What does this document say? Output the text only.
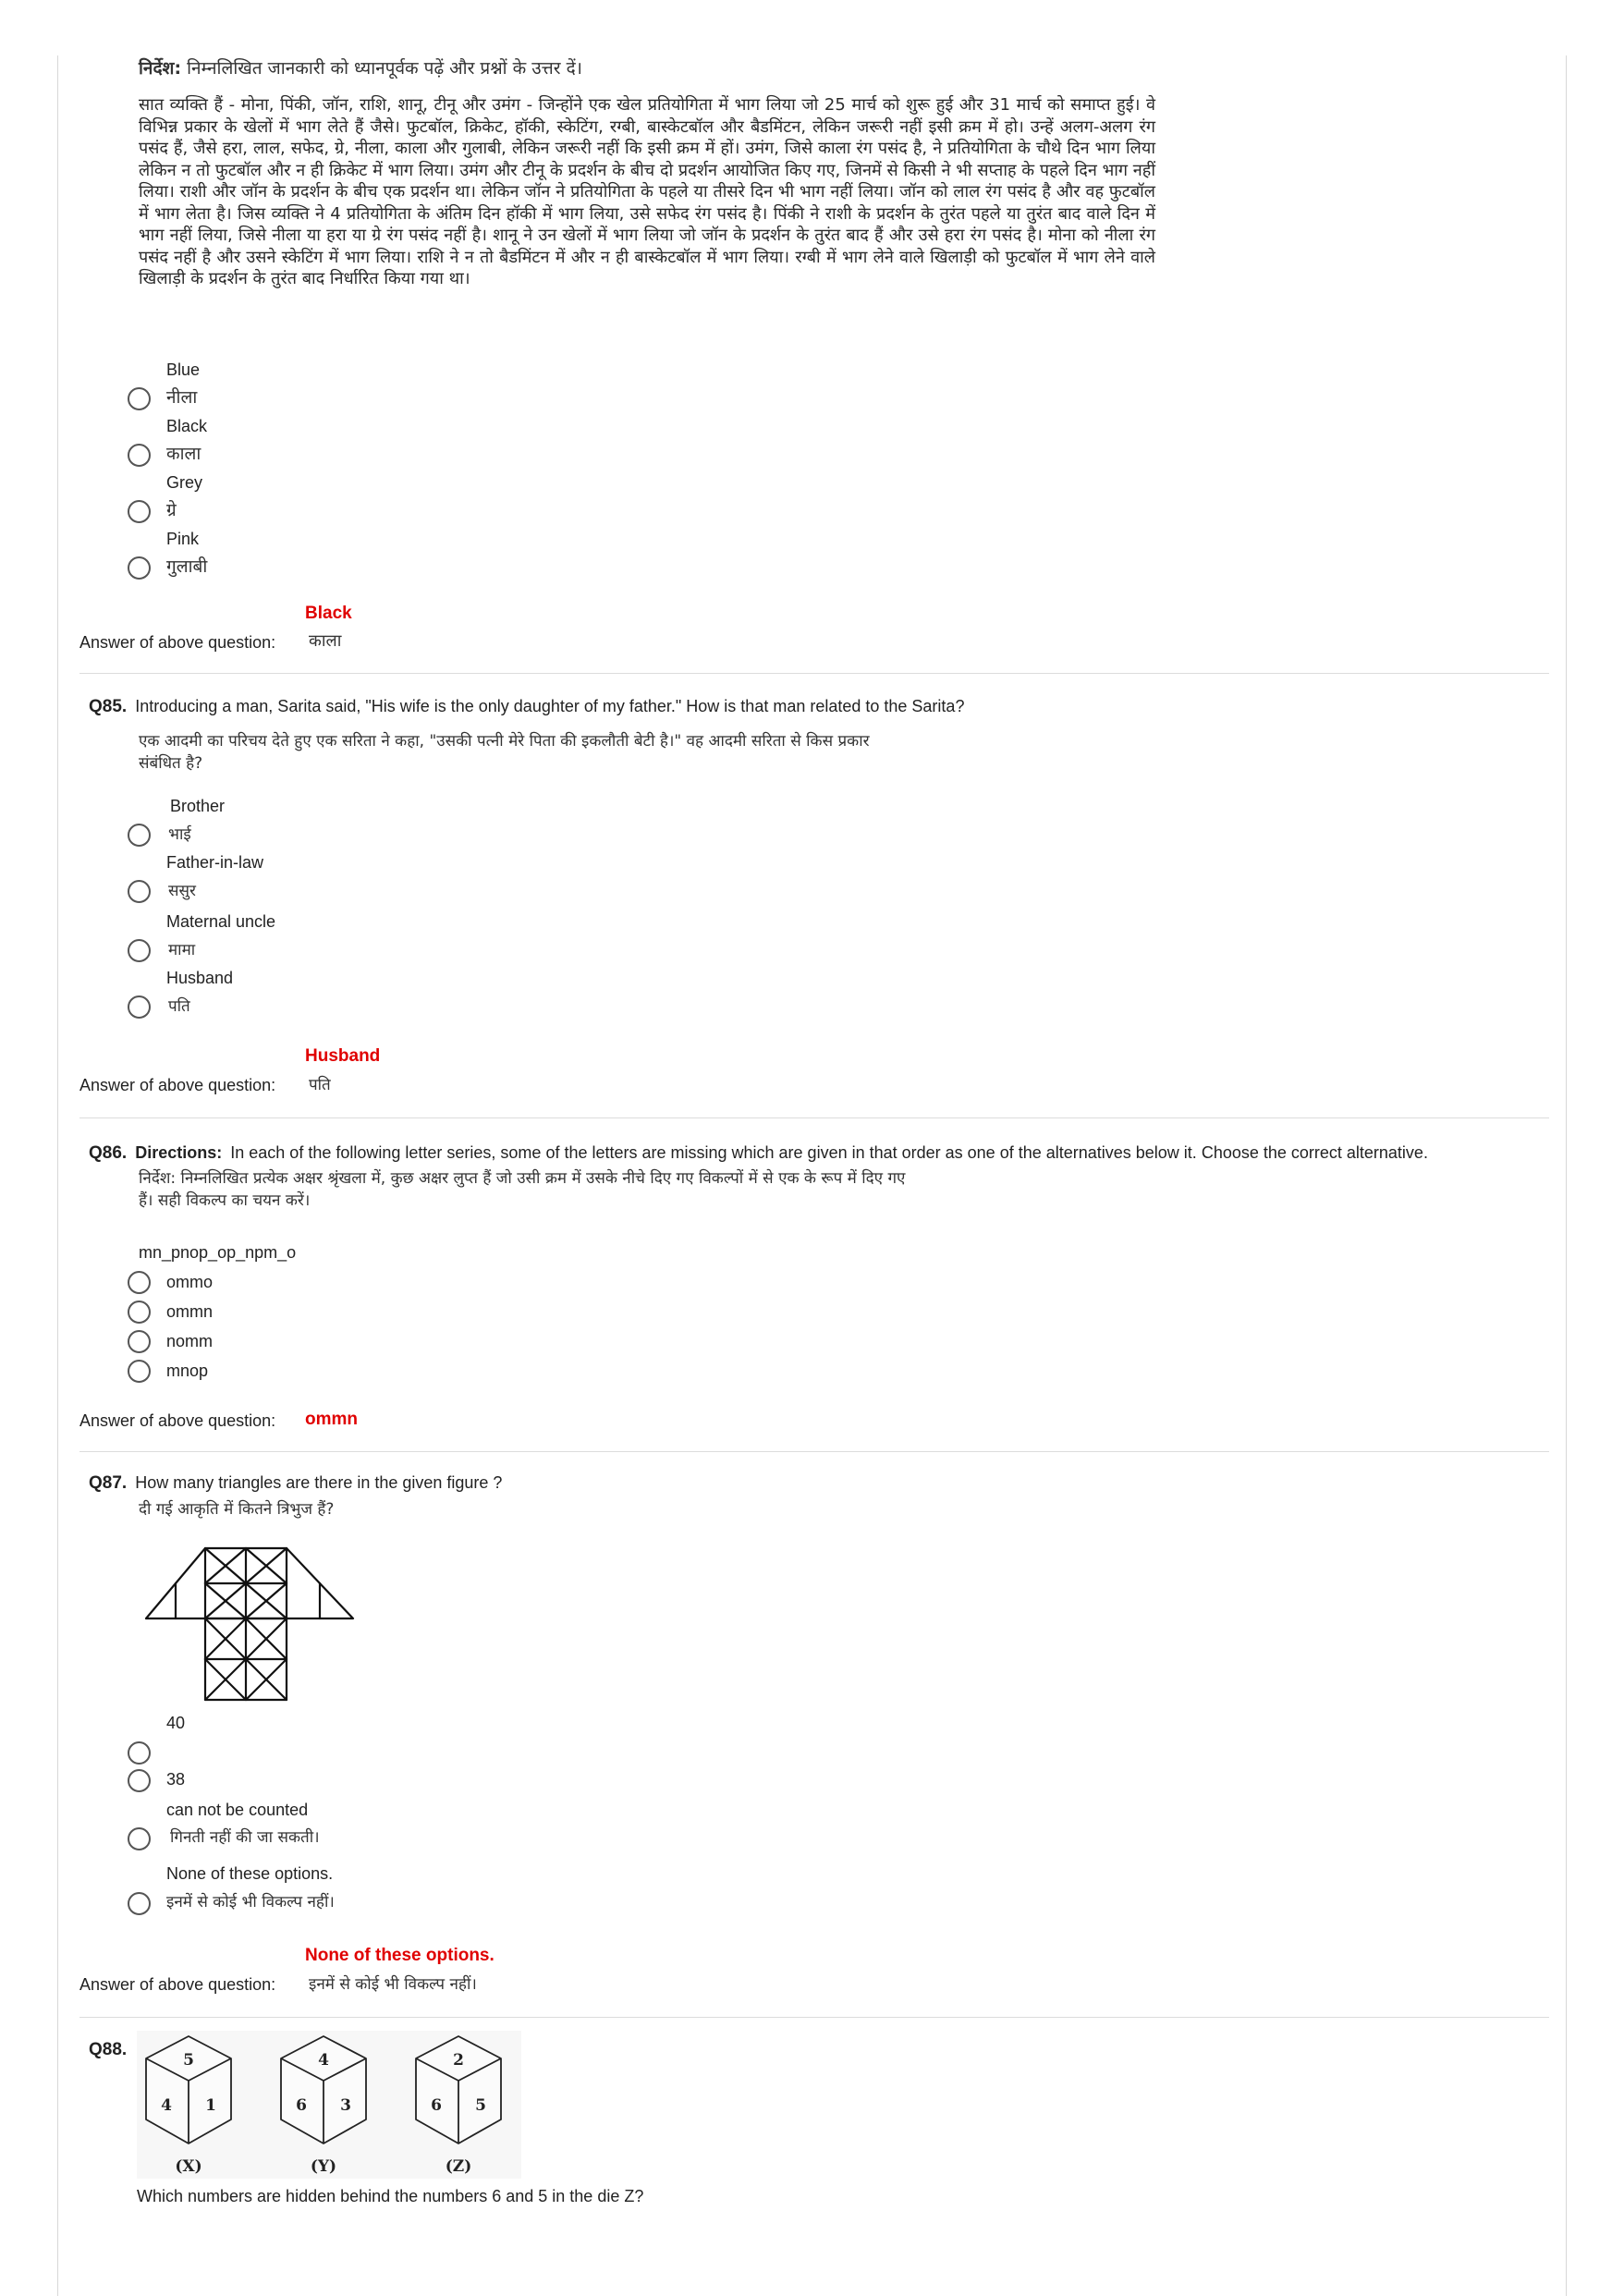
निर्देश: निम्नलिखित जानकारी को ध्यानपूर्वक पढ़ें और प्रश्नों के उत्तर दें।
सात व्यक्ति हैं - मोना, पिंकी, जॉन, राशि, शानू, टीनू और उमंग - जिन्होंने एक खेल प्रतियोगिता में भाग लिया जो 25 मार्च को शुरू हुई और 31 मार्च को समाप्त हुई। वे विभिन्न प्रकार के खेलों में भाग लेते हैं जैसे। फुटबॉल, क्रिकेट, हॉकी, स्केटिंग, रग्बी, बास्केटबॉल और बैडमिंटन, लेकिन जरूरी नहीं इसी क्रम में हो। उन्हें अलग-अलग रंग पसंद हैं, जैसे हरा, लाल, सफेद, ग्रे, नीला, काला और गुलाबी, लेकिन जरूरी नहीं कि इसी क्रम में हों। उमंग, जिसे काला रंग पसंद है, ने प्रतियोगिता के चौथे दिन भाग लिया लेकिन न तो फुटबॉल और न ही क्रिकेट में भाग लिया। उमंग और टीनू के प्रदर्शन के बीच दो प्रदर्शन आयोजित किए गए, जिनमें से किसी ने भी सप्ताह के पहले दिन भाग नहीं लिया। राशी और जॉन के प्रदर्शन के बीच एक प्रदर्शन था। लेकिन जॉन ने प्रतियोगिता के पहले या तीसरे दिन भी भाग नहीं लिया। जॉन को लाल रंग पसंद है और वह फुटबॉल में भाग लेता है। जिस व्यक्ति ने 4 प्रतियोगिता के अंतिम दिन हॉकी में भाग लिया, उसे सफेद रंग पसंद है। पिंकी ने राशी के प्रदर्शन के तुरंत पहले या तुरंत बाद वाले दिन में भाग नहीं लिया, जिसे नीला या हरा या ग्रे रंग पसंद नहीं है। शानू ने उन खेलों में भाग लिया जो जॉन के प्रदर्शन के तुरंत बाद हैं और उसे हरा रंग पसंद है। मोना को नीला रंग पसंद नहीं है और उसने स्केटिंग में भाग लिया। राशि ने न तो बैडमिंटन में और न ही बास्केटबॉल में भाग लिया। रग्बी में भाग लेने वाले खिलाड़ी को फुटबॉल में भाग लेने वाले खिलाड़ी के प्रदर्शन के तुरंत बाद निर्धारित किया गया था।
Blue
नीला
Black
काला
Grey
ग्रे
Pink
गुलाबी
Black
Answer of above question: काला
Q85. Introducing a man, Sarita said, "His wife is the only daughter of my father." How is that man related to the Sarita?
एक आदमी का परिचय देते हुए एक सरिता ने कहा, "उसकी पत्नी मेरे पिता की इकलौती बेटी है।" वह आदमी सरिता से किस प्रकार
संबंधित है?
Brother
भाई
Father-in-law
ससुर
Maternal uncle
मामा
Husband
पति
Husband
Answer of above question: पति
Q86. Directions: In each of the following letter series, some of the letters are missing which are given in that order as one of the alternatives below it. Choose the correct alternative.
निर्देश: निम्नलिखित प्रत्येक अक्षर श्रृंखला में, कुछ अक्षर लुप्त हैं जो उसी क्रम में उसके नीचे दिए गए विकल्पों में से एक के रूप में दिए गए
हैं। सही विकल्प का चयन करें।
mn_pnop_op_npm_o
ommo
ommn
nomm
mnop
Answer of above question: ommn
Q87. How many triangles are there in the given figure ?
दी गई आकृति में कितने त्रिभुज हैं?
40
38
can not be counted
गिनती नहीं की जा सकती।
None of these options.
इनमें से कोई भी विकल्प नहीं।
None of these options.
Answer of above question: इनमें से कोई भी विकल्प नहीं।
Q88.
5
4 1
(X)
4
6 3
(Y)
2
6 5
(Z)
Which numbers are hidden behind the numbers 6 and 5 in the die Z?
